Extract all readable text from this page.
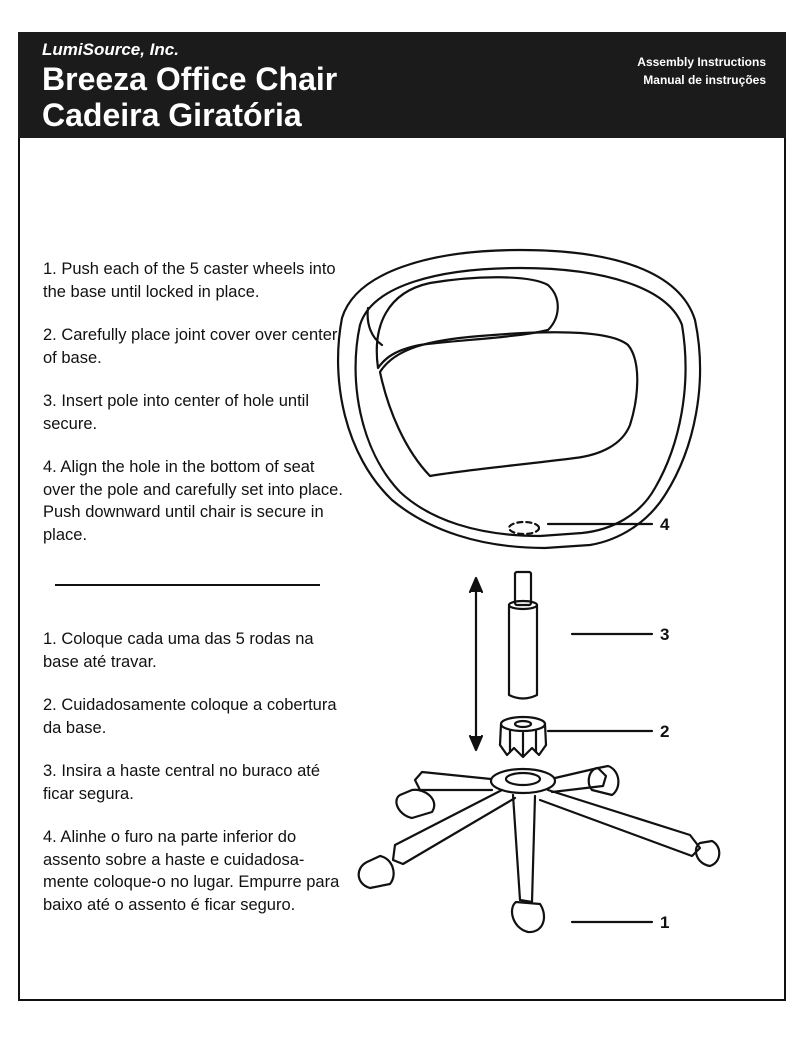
LumiSource, Inc.
Breeza Office Chair
Cadeira Giratória
Assembly Instructions
Manual de instruções

1. Push each of the 5 caster wheels into the base until locked in place.

2. Carefully place joint cover over center of base.

3. Insert pole into center of hole until secure.

4. Align the hole in the bottom of seat over the pole and carefully set into place. Push downward until chair is secure in place.

1. Coloque cada uma das 5 rodas na base até travar.

2. Cuidadosamente coloque a cobertura da base.

3. Insira a haste central no buraco até ficar segura.

4. Alinhe o furo na parte inferior do assento sobre a haste e cuidadosa-mente coloque-o no lugar. Empurre para baixo até o assento é ficar seguro.

4
3
2
1
